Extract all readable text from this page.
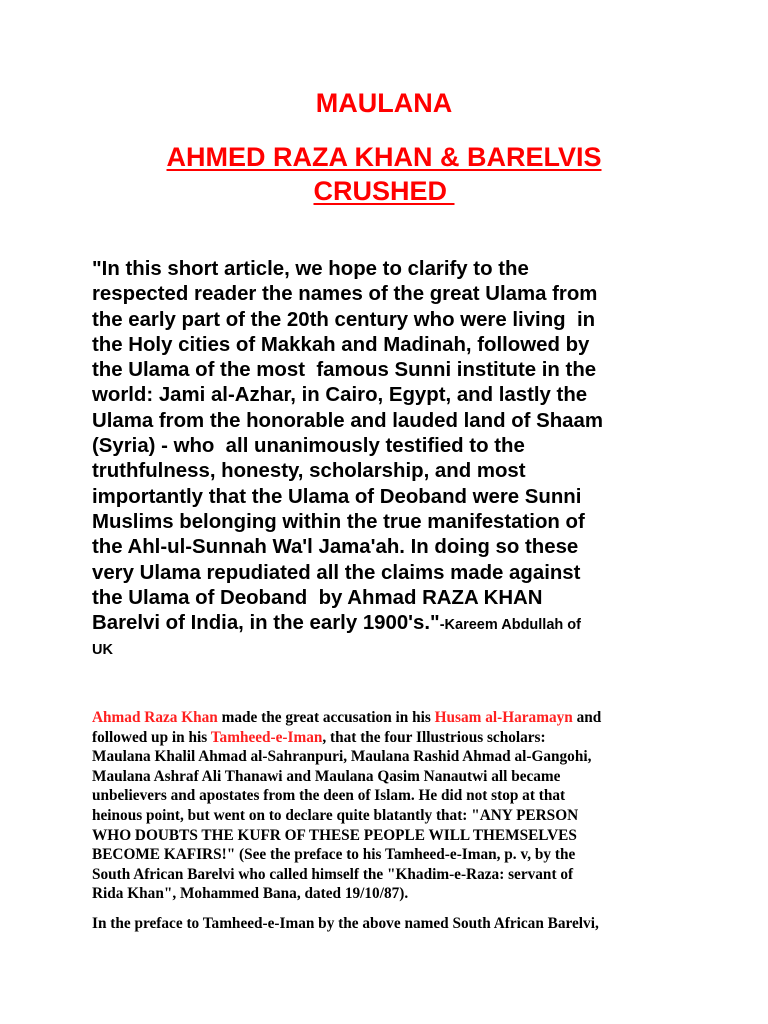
MAULANA
AHMED RAZA KHAN & BARELVIS
CRUSHED
"In this short article, we hope to clarify to the
respected reader the names of the great Ulama from
the early part of the 20th century who were living  in
the Holy cities of Makkah and Madinah, followed by
the Ulama of the most  famous Sunni institute in the
world: Jami al-Azhar, in Cairo, Egypt, and lastly the
Ulama from the honorable and lauded land of Shaam
(Syria) - who  all unanimously testified to the
truthfulness, honesty, scholarship, and most
importantly that the Ulama of Deoband were Sunni
Muslims belonging within the true manifestation of
the Ahl-ul-Sunnah Wa'l Jama'ah. In doing so these
very Ulama repudiated all the claims made against
the Ulama of Deoband  by Ahmad RAZA KHAN
Barelvi of India, in the early 1900's."-Kareem Abdullah of
UK
Ahmad Raza Khan made the great accusation in his Husam al-Haramayn and
followed up in his Tamheed-e-Iman, that the four Illustrious scholars:
Maulana Khalil Ahmad al-Sahranpuri, Maulana Rashid Ahmad al-Gangohi,
Maulana Ashraf Ali Thanawi and Maulana Qasim Nanautwi all became
unbelievers and apostates from the deen of Islam. He did not stop at that
heinous point, but went on to declare quite blatantly that: "ANY PERSON
WHO DOUBTS THE KUFR OF THESE PEOPLE WILL THEMSELVES
BECOME KAFIRS!" (See the preface to his Tamheed-e-Iman, p. v, by the
South African Barelvi who called himself the "Khadim-e-Raza: servant of
Rida Khan", Mohammed Bana, dated 19/10/87).
In the preface to Tamheed-e-Iman by the above named South African Barelvi,
